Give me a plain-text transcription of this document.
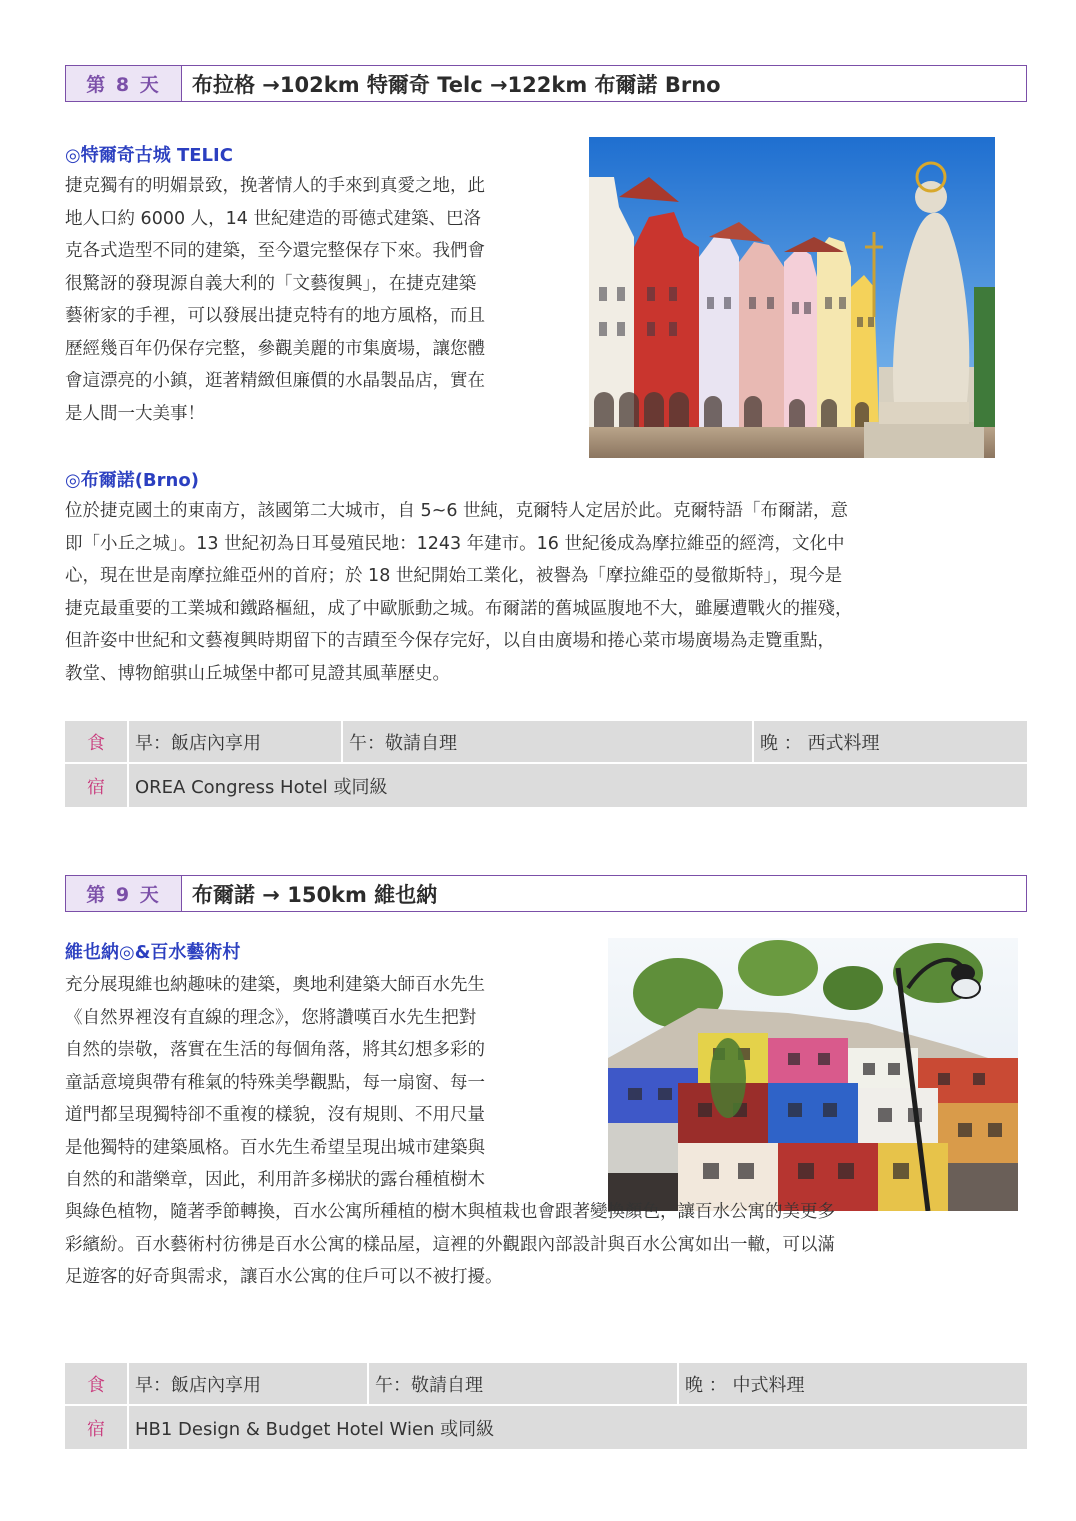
第 8 天	布拉格 →102km 特爾奇 Telc →122km 布爾諾 Brno
◎特爾奇古城 TELIC
捷克獨有的明媚景致，挽著情人的手來到真愛之地，此
地人口約 6000 人，14 世紀建造的哥德式建築、巴洛
克各式造型不同的建築，至今還完整保存下來。我們會
很驚訝的發現源自義大利的「文藝復興」，在捷克建築
藝術家的手裡，可以發展出捷克特有的地方風格，而且
歷經幾百年仍保存完整，參觀美麗的市集廣場，讓您體
會這漂亮的小鎮，逛著精緻但廉價的水晶製品店，實在
是人間一大美事！
◎布爾諾(Brno)
位於捷克國土的東南方，該國第二大城市，自 5~6 世純，克爾特人定居於此。克爾特語「布爾諾，意
即「小丘之城」。13 世紀初為日耳曼殖民地：1243 年建市。16 世紀後成為摩拉維亞的經湾，文化中
心，現在世是南摩拉維亞州的首府；於 18 世紀開始工業化，被譽為「摩拉維亞的曼徹斯特」，現今是
捷克最重要的工業城和鐵路樞紐，成了中歐脈動之城。布爾諾的舊城區腹地不大，雖屢遭戰火的摧殘，
但許姿中世紀和文藝複興時期留下的吉蹟至今保存完好，以自由廣場和捲心菜市場廣場為走覽重點，
教堂、博物館骐山丘城堡中都可見證其風華歷史。
食	早：飯店內享用	午：敬請自理	晚 ： 西式料理
宿	OREA Congress Hotel 或同級
第 9 天	布爾諾 → 150km 維也納
維也納◎&百水藝術村
充分展現維也納趣味的建築，奧地利建築大師百水先生
《自然界裡沒有直線的理念》，您將讚嘆百水先生把對
自然的崇敬，落實在生活的每個角落，將其幻想多彩的
童話意境與帶有稚氣的特殊美學觀點，每一扇窗、每一
道門都呈現獨特卻不重複的樣貌，沒有規則、不用尺量
是他獨特的建築風格。百水先生希望呈現出城市建築與
自然的和諧樂章，因此，利用許多梯狀的露台種植樹木
與綠色植物，隨著季節轉換，百水公寓所種植的樹木與植栽也會跟著變換顏色，讓百水公寓的美更多
彩繽紛。百水藝術村彷彿是百水公寓的樣品屋，這裡的外觀跟內部設計與百水公寓如出一轍，可以滿
足遊客的好奇與需求，讓百水公寓的住戶可以不被打擾。
食	早：飯店內享用	午：敬請自理	晚 ： 中式料理
宿	HB1 Design & Budget Hotel Wien 或同級
